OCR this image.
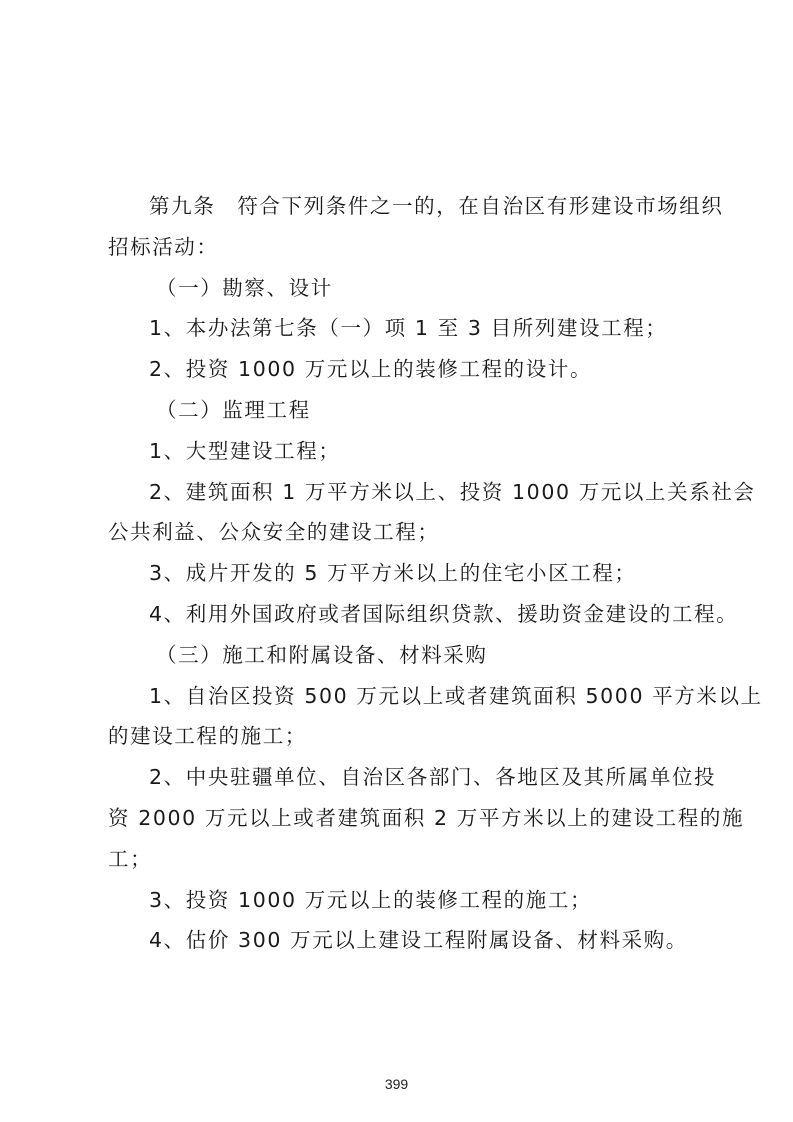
第九条 符合下列条件之一的，在自治区有形建设市场组织
招标活动：
（一）勘察、设计
1、本办法第七条（一）项 1 至 3 目所列建设工程；
2、投资 1000 万元以上的装修工程的设计。
（二）监理工程
1、大型建设工程；
2、建筑面积 1 万平方米以上、投资 1000 万元以上关系社会
公共利益、公众安全的建设工程；
3、成片开发的 5 万平方米以上的住宅小区工程；
4、利用外国政府或者国际组织贷款、援助资金建设的工程。
（三）施工和附属设备、材料采购
1、自治区投资 500 万元以上或者建筑面积 5000 平方米以上
的建设工程的施工；
2、中央驻疆单位、自治区各部门、各地区及其所属单位投
资 2000 万元以上或者建筑面积 2 万平方米以上的建设工程的施
工；
3、投资 1000 万元以上的装修工程的施工；
4、估价 300 万元以上建设工程附属设备、材料采购。
399
